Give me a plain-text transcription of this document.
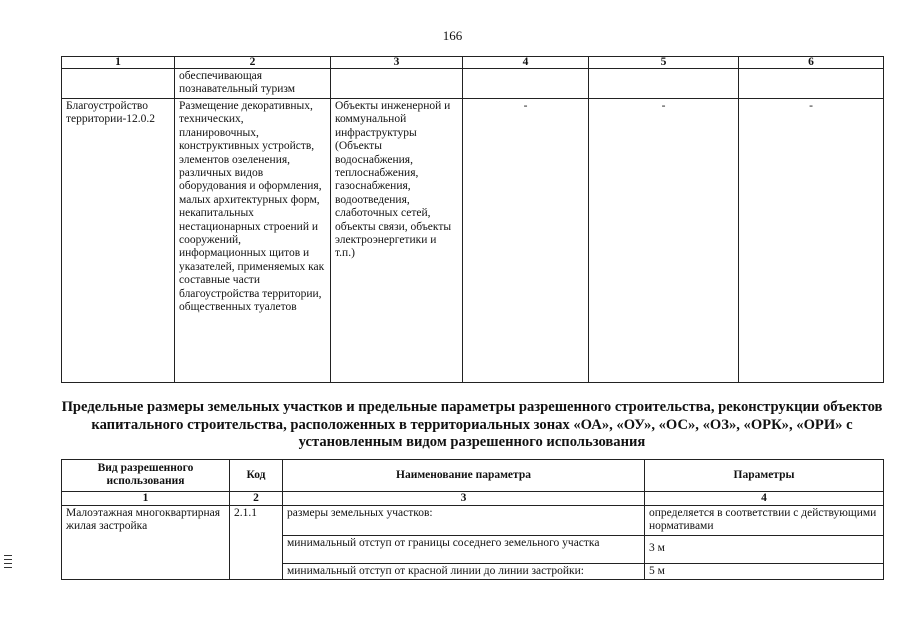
166
1	2	3	4	5	6
	обеспечивающая познавательный туризм				
Благоустройство территории-12.0.2	Размещение декоративных, технических, планировочных, конструктивных устройств, элементов озеленения, различных видов оборудования и оформления, малых архитектурных форм, некапитальных нестационарных строений и сооружений, информационных щитов и указателей, применяемых как составные части благоустройства территории, общественных туалетов	Объекты инженерной и коммунальной инфраструктуры (Объекты водоснабжения, теплоснабжения, газоснабжения, водоотведения, слаботочных сетей, объекты связи, объекты электроэнергетики и т.п.)	-	-	-
Предельные размеры земельных участков и предельные параметры разрешенного строительства, реконструкции объектов капитального строительства, расположенных в территориальных зонах «ОА», «ОУ», «ОС», «ОЗ», «ОРК», «ОРИ» с установленным видом разрешенного использования
Вид разрешенного использования	Код	Наименование параметра	Параметры
1	2	3	4
Малоэтажная многоквартирная жилая застройка	2.1.1	размеры земельных участков:	определяется в соответствии с действующими нормативами
		минимальный отступ от границы соседнего земельного участка	3 м
		минимальный отступ от красной линии до линии застройки:	5 м
